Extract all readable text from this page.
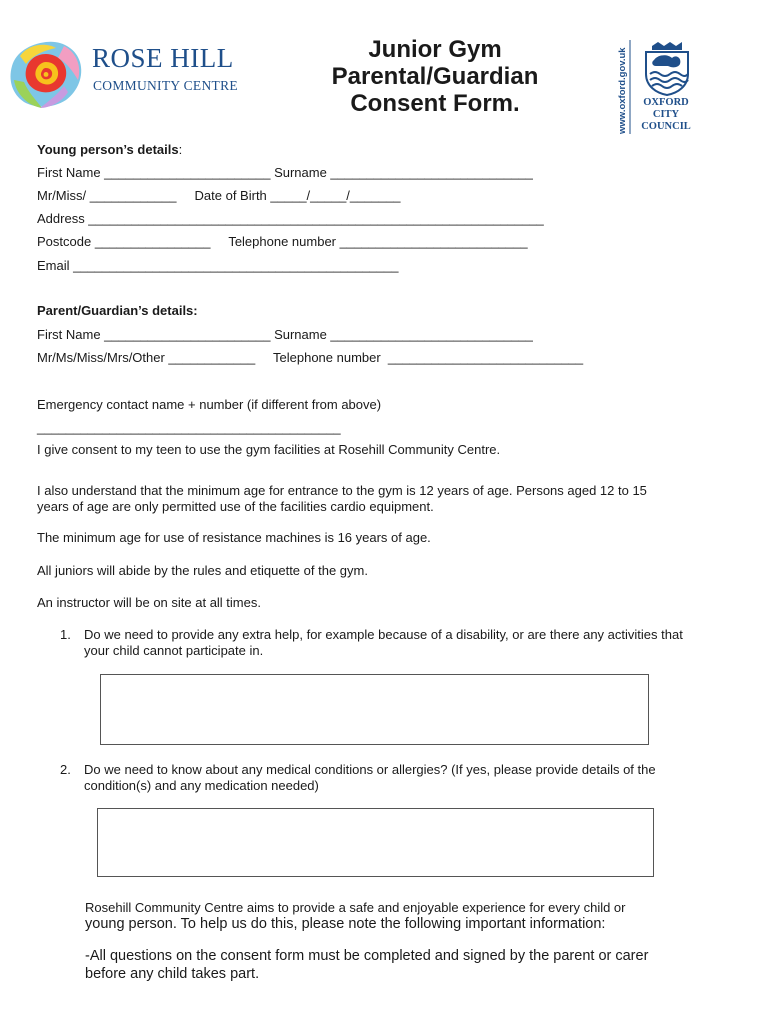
ROSE HILL
COMMUNITY CENTRE
Junior Gym
Parental/Guardian
Consent Form.	www.oxford.gov.uk	OXFORD
CITY
COUNCIL
Young person’s details:
First Name _______________________ Surname ____________________________
Mr/Miss/ ____________     Date of Birth _____/_____/_______
Address _______________________________________________________________
Postcode ________________     Telephone number __________________________
Email _____________________________________________
Parent/Guardian’s details:
First Name _______________________ Surname ____________________________
Mr/Ms/Miss/Mrs/Other ____________     Telephone number  ___________________________
Emergency contact name + number (if different from above)
__________________________________________
I give consent to my teen to use the gym facilities at Rosehill Community Centre.
I also understand that the minimum age for entrance to the gym is 12 years of age. Persons aged 12 to 15
years of age are only permitted use of the facilities cardio equipment.
The minimum age for use of resistance machines is 16 years of age.
All juniors will abide by the rules and etiquette of the gym.
An instructor will be on site at all times.
1. Do we need to provide any extra help, for example because of a disability, or are there any activities that
your child cannot participate in.
2. Do we need to know about any medical conditions or allergies? (If yes, please provide details of the
condition(s) and any medication needed)
Rosehill Community Centre aims to provide a safe and enjoyable experience for every child or
young person. To help us do this, please note the following important information:
-All questions on the consent form must be completed and signed by the parent or carer
before any child takes part.
